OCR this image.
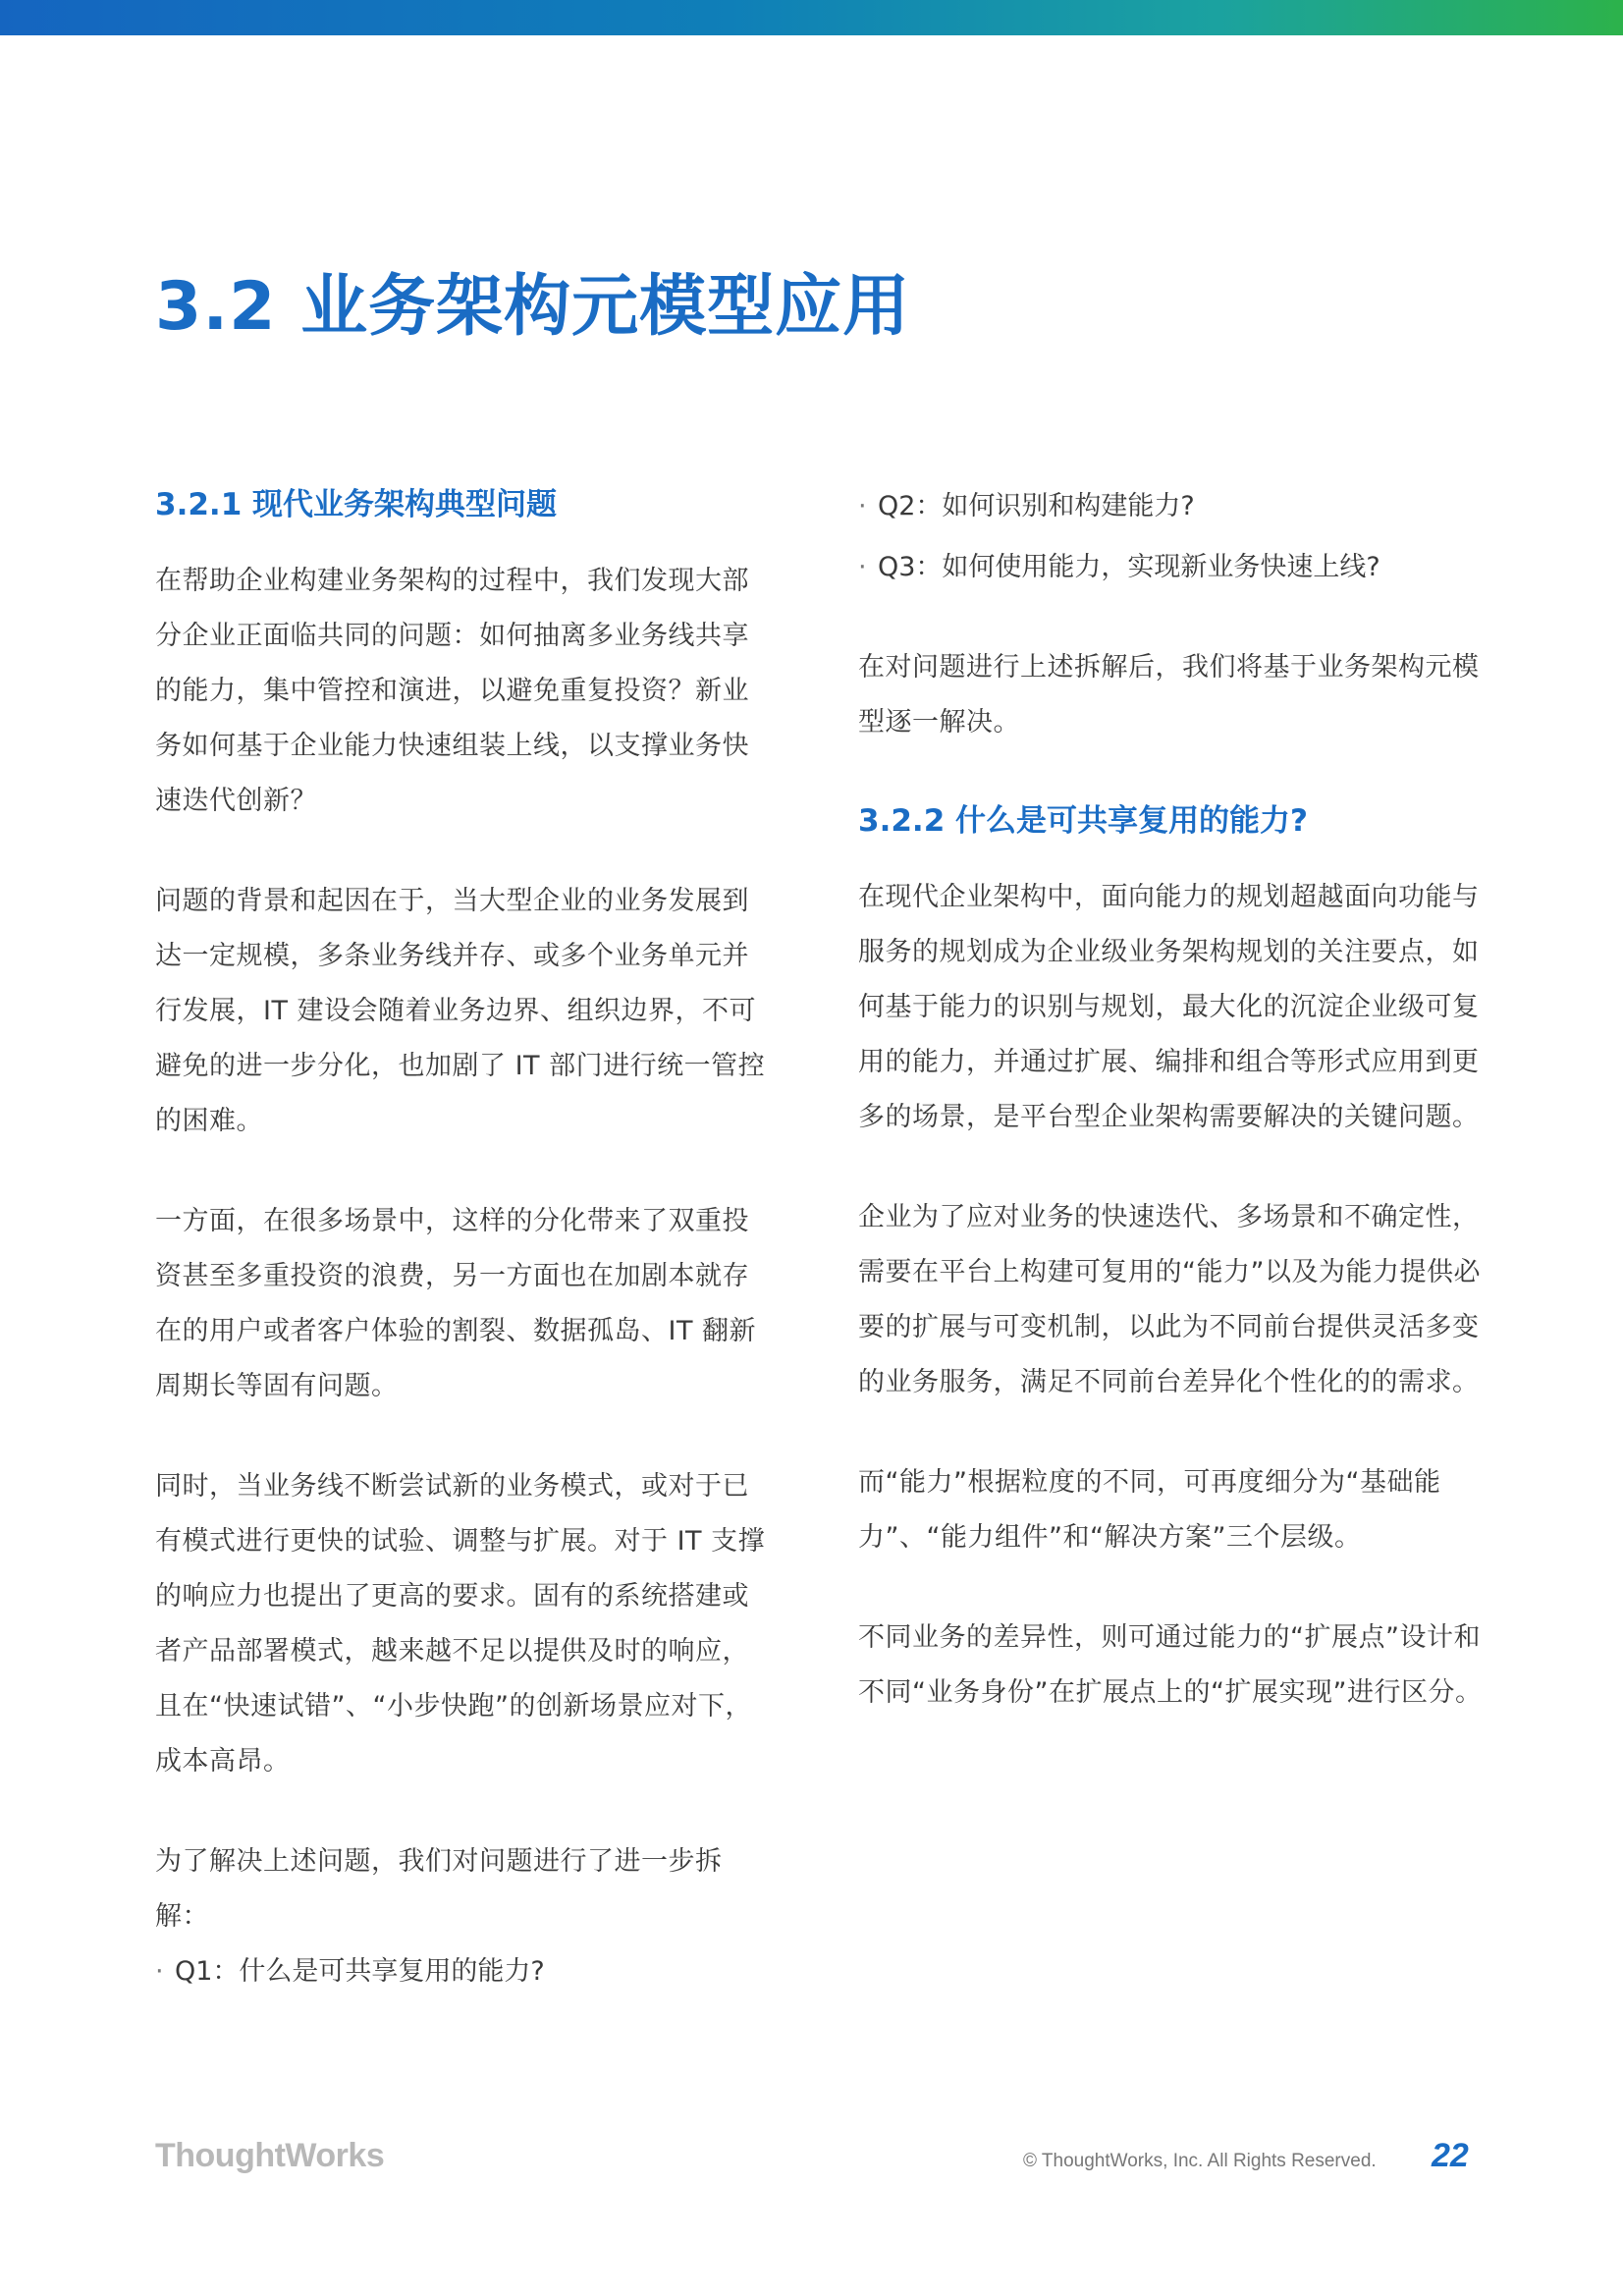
3.2 业务架构元模型应用
3.2.1 现代业务架构典型问题

在帮助企业构建业务架构的过程中，我们发现大部分企业正面临共同的问题：如何抽离多业务线共享的能力，集中管控和演进，以避免重复投资？新业务如何基于企业能力快速组装上线，以支撑业务快速迭代创新？

问题的背景和起因在于，当大型企业的业务发展到达一定规模，多条业务线并存、或多个业务单元并行发展，IT 建设会随着业务边界、组织边界，不可避免的进一步分化，也加剧了 IT 部门进行统一管控的困难。

一方面，在很多场景中，这样的分化带来了双重投资甚至多重投资的浪费，另一方面也在加剧本就存在的用户或者客户体验的割裂、数据孤岛、IT 翻新周期长等固有问题。

同时，当业务线不断尝试新的业务模式，或对于已有模式进行更快的试验、调整与扩展。对于 IT 支撑的响应力也提出了更高的要求。固有的系统搭建或者产品部署模式，越来越不足以提供及时的响应，且在“快速试错”、“小步快跑”的创新场景应对下，成本高昂。

为了解决上述问题，我们对问题进行了进一步拆解：

· Q1：什么是可共享复用的能力?
· Q2：如何识别和构建能力?
· Q3：如何使用能力，实现新业务快速上线?

在对问题进行上述拆解后，我们将基于业务架构元模型逐一解决。

3.2.2 什么是可共享复用的能力?

在现代企业架构中，面向能力的规划超越面向功能与服务的规划成为企业级业务架构规划的关注要点，如何基于能力的识别与规划，最大化的沉淀企业级可复用的能力，并通过扩展、编排和组合等形式应用到更多的场景，是平台型企业架构需要解决的关键问题。

企业为了应对业务的快速迭代、多场景和不确定性，需要在平台上构建可复用的“能力”以及为能力提供必要的扩展与可变机制，以此为不同前台提供灵活多变的业务服务，满足不同前台差异化个性化的的需求。

而“能力”根据粒度的不同，可再度细分为“基础能力”、“能力组件”和“解决方案”三个层级。

不同业务的差异性，则可通过能力的“扩展点”设计和不同“业务身份”在扩展点上的“扩展实现”进行区分。

ThoughtWorks	© ThoughtWorks, Inc. All Rights Reserved. 22
